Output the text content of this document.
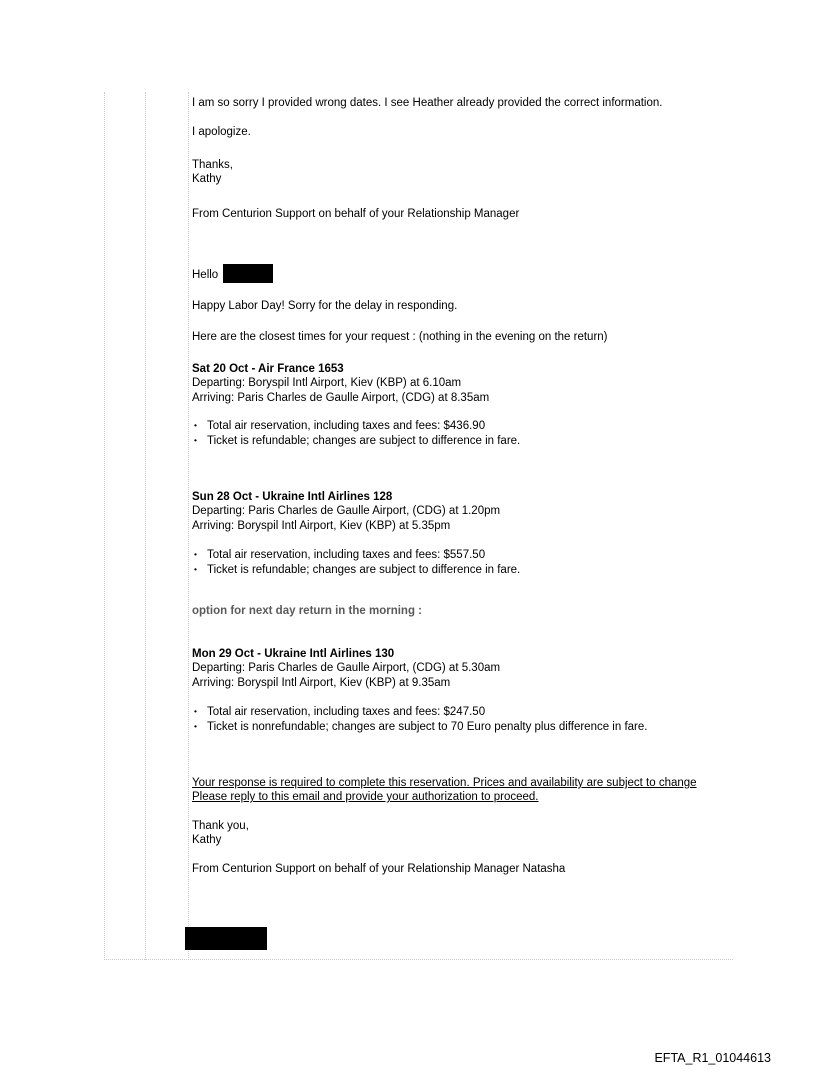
I am so sorry I provided wrong dates. I see Heather already provided the correct information.

I apologize.

Thanks,
Kathy

From Centurion Support on behalf of your Relationship Manager

Hello

Happy Labor Day! Sorry for the delay in responding.

Here are the closest times for your request : (nothing in the evening on the return)

Sat 20 Oct - Air France 1653
Departing: Boryspil Intl Airport, Kiev (KBP) at 6.10am
Arriving: Paris Charles de Gaulle Airport, (CDG) at 8.35am
• Total air reservation, including taxes and fees: $436.90
• Ticket is refundable; changes are subject to difference in fare.
Sun 28 Oct - Ukraine Intl Airlines 128
Departing: Paris Charles de Gaulle Airport, (CDG) at 1.20pm
Arriving: Boryspil Intl Airport, Kiev (KBP) at 5.35pm
• Total air reservation, including taxes and fees: $557.50
• Ticket is refundable; changes are subject to difference in fare.

option for next day return in the morning :

Mon 29 Oct - Ukraine Intl Airlines 130
Departing: Paris Charles de Gaulle Airport, (CDG) at 5.30am
Arriving: Boryspil Intl Airport, Kiev (KBP) at 9.35am
• Total air reservation, including taxes and fees: $247.50
• Ticket is nonrefundable; changes are subject to 70 Euro penalty plus difference in fare.
Your response is required to complete this reservation. Prices and availability are subject to change
Please reply to this email and provide your authorization to proceed.
Thank you,
Kathy

From Centurion Support on behalf of your Relationship Manager Natasha

EFTA_R1_01044613
